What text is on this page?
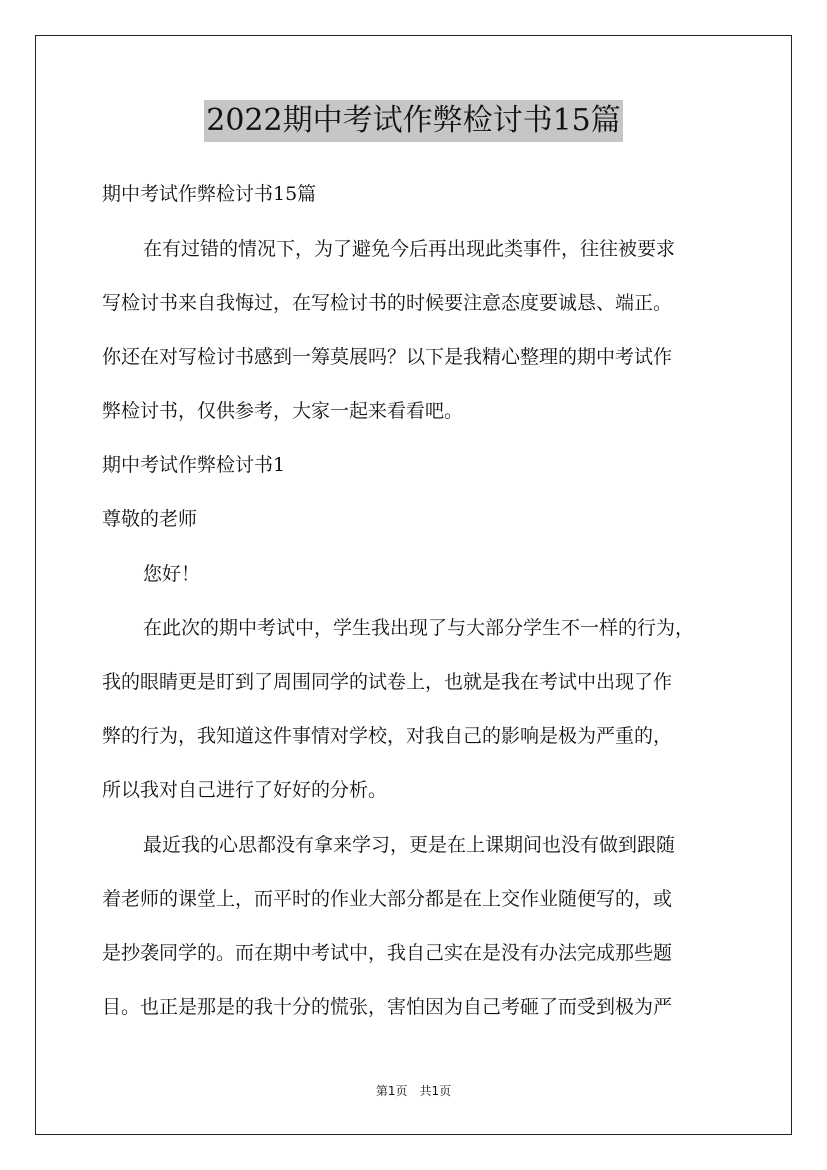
2022期中考试作弊检讨书15篇
期中考试作弊检讨书15篇
在有过错的情况下，为了避免今后再出现此类事件，往往被要求
写检讨书来自我悔过，在写检讨书的时候要注意态度要诚恳、端正。
你还在对写检讨书感到一筹莫展吗？以下是我精心整理的期中考试作
弊检讨书，仅供参考，大家一起来看看吧。
期中考试作弊检讨书1
尊敬的老师
您好！
在此次的期中考试中，学生我出现了与大部分学生不一样的行为，
我的眼睛更是盯到了周围同学的试卷上，也就是我在考试中出现了作
弊的行为，我知道这件事情对学校，对我自己的影响是极为严重的，
所以我对自己进行了好好的分析。
最近我的心思都没有拿来学习，更是在上课期间也没有做到跟随
着老师的课堂上，而平时的作业大部分都是在上交作业随便写的，或
是抄袭同学的。而在期中考试中，我自己实在是没有办法完成那些题
目。也正是那是的我十分的慌张，害怕因为自己考砸了而受到极为严
第1页 共1页
